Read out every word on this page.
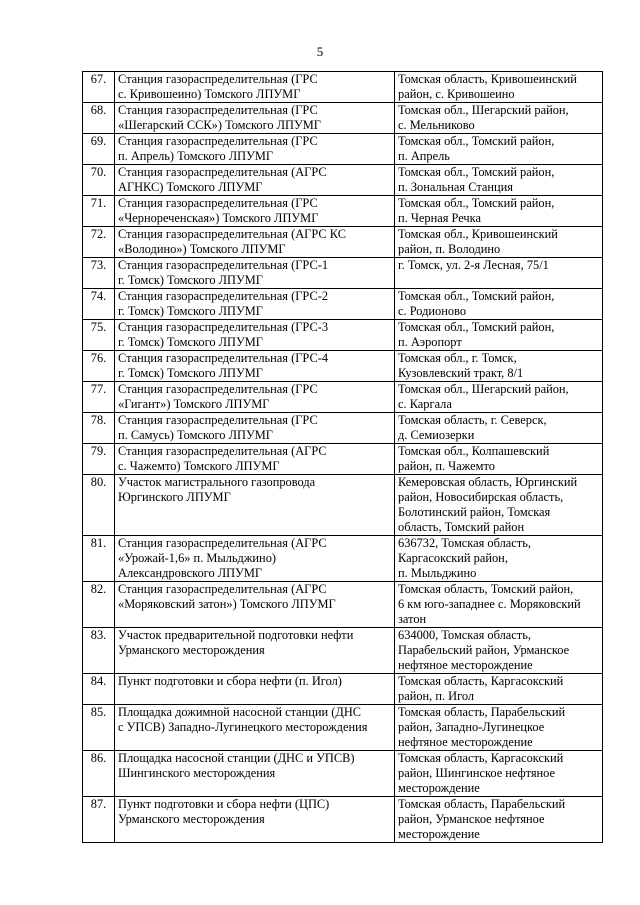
5
67.	Станция газораспределительная (ГРС
с. Кривошеино) Томского ЛПУМГ	Томская область, Кривошеинский
район, с. Кривошеино

68.	Станция газораспределительная (ГРС
«Шегарский ССК») Томского ЛПУМГ	Томская обл., Шегарский район,
с. Мельниково

69.	Станция газораспределительная (ГРС
п. Апрель) Томского ЛПУМГ	Томская обл., Томский район,
п. Апрель

70.	Станция газораспределительная (АГРС
АГНКС) Томского ЛПУМГ	Томская обл., Томский район,
п. Зональная Станция

71.	Станция газораспределительная (ГРС
«Чернореченская») Томского ЛПУМГ	Томская обл., Томский район,
п. Черная Речка

72.	Станция газораспределительная (АГРС КС
«Володино») Томского ЛПУМГ	Томская обл., Кривошеинский
район, п. Володино

73.	Станция газораспределительная (ГРС-1
г. Томск) Томского ЛПУМГ	г. Томск, ул. 2-я Лесная, 75/1

74.	Станция газораспределительная (ГРС-2
г. Томск) Томского ЛПУМГ	Томская обл., Томский район,
с. Родионово

75.	Станция газораспределительная (ГРС-3
г. Томск) Томского ЛПУМГ	Томская обл., Томский район,
п. Аэропорт

76.	Станция газораспределительная (ГРС-4
г. Томск) Томского ЛПУМГ	Томская обл., г. Томск,
Кузовлевский тракт, 8/1

77.	Станция газораспределительная (ГРС
«Гигант») Томского ЛПУМГ	Томская обл., Шегарский район,
с. Каргала

78.	Станция газораспределительная (ГРС
п. Самусь) Томского ЛПУМГ	Томская область, г. Северск,
д. Семиозерки

79.	Станция газораспределительная (АГРС
с. Чажемто) Томского ЛПУМГ	Томская обл., Колпашевский
район, п. Чажемто

80.	Участок магистрального газопровода
Юргинского ЛПУМГ	Кемеровская область, Юргинский
район, Новосибирская область,
Болотинский район, Томская
область, Томский район

81.	Станция газораспределительная (АГРС
«Урожай-1,6» п. Мыльджино)
Александровского ЛПУМГ	636732, Томская область,
Каргасокский район,
п. Мыльджино

82.	Станция газораспределительная (АГРС
«Моряковский затон») Томского ЛПУМГ	Томская область, Томский район,
6 км юго-западнее с. Моряковский
затон

83.	Участок предварительной подготовки нефти
Урманского месторождения	634000, Томская область,
Парабельский район, Урманское
нефтяное месторождение

84.	Пункт подготовки и сбора нефти (п. Игол)	Томская область, Каргасокский
район, п. Игол

85.	Площадка дожимной насосной станции (ДНС
с УПСВ) Западно-Лугинецкого месторождения	Томская область, Парабельский
район, Западно-Лугинецкое
нефтяное месторождение

86.	Площадка насосной станции (ДНС и УПСВ)
Шингинского месторождения	Томская область, Каргасокский
район, Шингинское нефтяное
месторождение

87.	Пункт подготовки и сбора нефти (ЦПС)
Урманского месторождения	Томская область, Парабельский
район, Урманское нефтяное
месторождение
